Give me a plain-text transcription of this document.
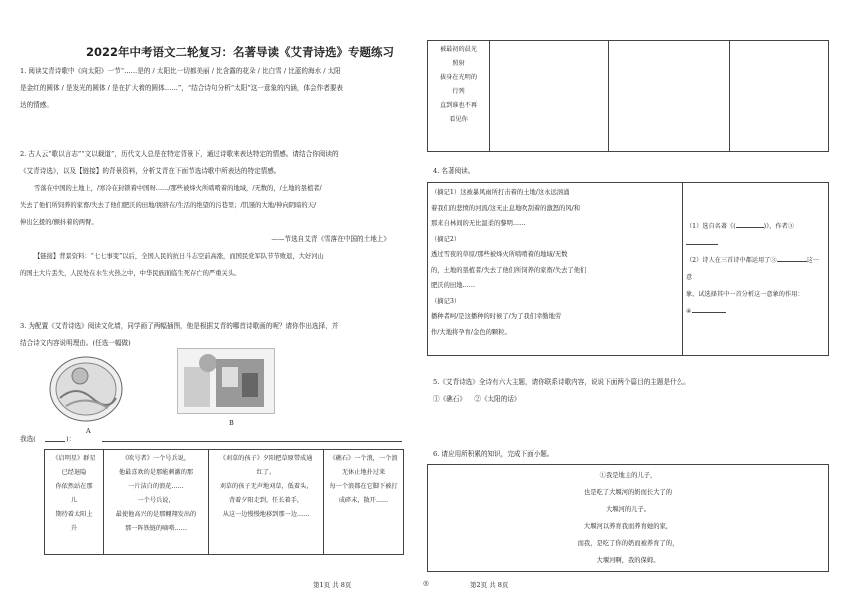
2022年中考语文二轮复习：名著导读《艾青诗选》专题练习
1. 阅读艾青诗歌中《向太阳》一节“……是的 / 太阳比一切都美丽 / 比含露的花朵 / 比白雪 / 比蓝的海水 / 太阳
是金红的圆体 / 是发光的圆体 / 是在扩大着的圆体……”，“结合诗句分析“太阳”这一意象的内涵，体会作者要表
达的情感。
2. 古人云“歌以言志”“文以载道”，历代文人总是在特定背景下，通过诗歌来表达特定的情感。请结合你阅读的
《艾青诗选》，以及【链接】的背景资料，分析艾青在下面节选诗歌中所表达的特定情感。
雪落在中国的土地上，/寒冷在封锁着中国呀……/那些被烽火所啮啃着的地域，/无数的，/土地的垦植者/
失去了他们所饲养的家畜/失去了他们肥沃的田地/拥挤在/生活的绝望的污巷里；/饥馑的大地/伸向阴暗的天/
伸出乞援的/颤抖着的两臂。
——节选自艾青《雪落在中国的土地上》
【链接】背景资料：“七七事变”以后，全国人民的抗日斗志空前高涨，而国民党军队节节败退，大好河山
的国土大片丢失，人民处在水生火热之中，中华民族面临生死存亡的严重关头。
3. 为配置《艾青诗选》阅读文化墙，同学画了两幅插图，他是根据艾青的哪首诗歌画的呢？请你作出选择，并
结合诗文内容说明理由。(任选一幅做)
A
B
我选(	)：
《启明星》群星
已经退隐
你依然站在那
儿
期待着太阳上
升

《吹号者》一个号兵说，
他最喜欢的是那能刺激的那
一片洁白的浪花……
一个号兵说，
最使他高兴的是那翱翔发出的
那一阵铁链的嘀嗒……

《刈草的孩子》夕阳把草原带成通
红了。
刈草的孩子无声地刈草，低着头，
背着夕阳走到，任长着手，
从这一边慢慢地移到那一边……

《礁石》一个浪，一个浪
无休止地扑过来
每一个浪都在它脚下被打
成碎末，散开……
被最初的晨光
照射
拔身在光明的
行列
直到谁也不再
看见你

4. 名著阅读。
（摘记1）这被暴风雨所打击着的土地/这永远汹涌
着我们的悲愤的河流/这无止息地吹刮着的激怒的风/和
那来自林间的无比温柔的黎明……
（摘记2）
透过雪夜的草原/那些被烽火所啮啃着的地域/无数
的，土地的垦植者/失去了他们所饲养的家畜/失去了他们
肥沃的田地……
（摘记3）
播种者呵/是这播种的时候了/为了我们幸勤地劳
作/大地将孕育/金色的颗粒。

（1）选自名著《(	)》，作者③
（2）诗人在三首诗中都运用了③	这一意
象，试选择其中一首分析这一意象的作用：
④
5.《艾青诗选》全诗有六大主题，请你联系诗歌内容，说说下面两个篇目的主题是什么。
①《礁石》 ②《太阳的话》
6. 请应用所积累的知识，完成下面小题。
①我是地主的儿子，
也是吃了大堰河的奶而长大了的
大堰河的儿子。
大堰河以养育我而养育她的家，
而我，是吃了你的奶而被养育了的，
大堰河啊，我的保姆。
第1页 共 8页	◎	第2页 共 8页
